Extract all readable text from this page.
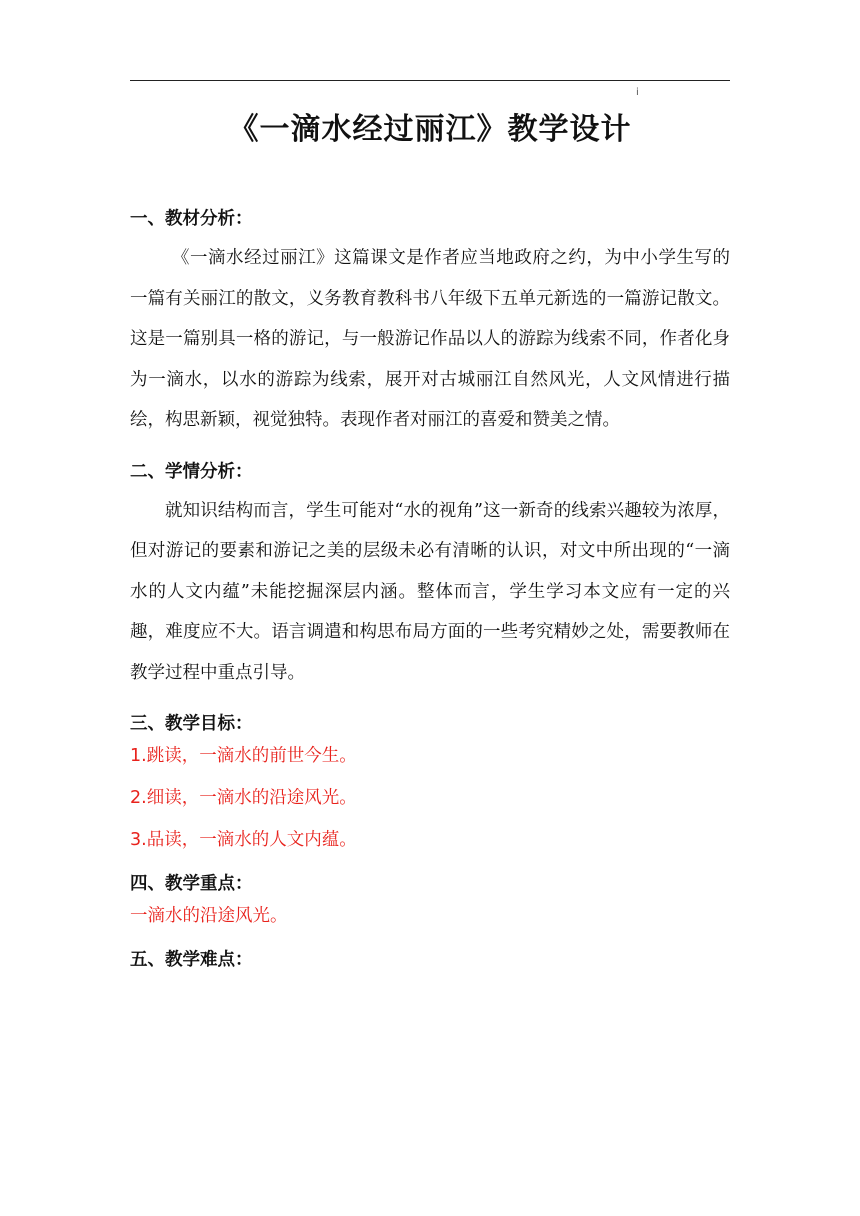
i
《一滴水经过丽江》教学设计
一、教材分析：

《一滴水经过丽江》这篇课文是作者应当地政府之约，为中小学生写的一篇有关丽江的散文，义务教育教科书八年级下五单元新选的一篇游记散文。这是一篇别具一格的游记，与一般游记作品以人的游踪为线索不同，作者化身为一滴水，以水的游踪为线索，展开对古城丽江自然风光，人文风情进行描绘，构思新颖，视觉独特。表现作者对丽江的喜爱和赞美之情。

二、学情分析：

就知识结构而言，学生可能对“水的视角”这一新奇的线索兴趣较为浓厚，但对游记的要素和游记之美的层级未必有清晰的认识，对文中所出现的“一滴水的人文内蕴”未能挖掘深层内涵。整体而言，学生学习本文应有一定的兴趣，难度应不大。语言调遣和构思布局方面的一些考究精妙之处，需要教师在教学过程中重点引导。

三、教学目标：
1.跳读，一滴水的前世今生。
2.细读，一滴水的沿途风光。
3.品读，一滴水的人文内蕴。
四、教学重点：
一滴水的沿途风光。
五、教学难点：
